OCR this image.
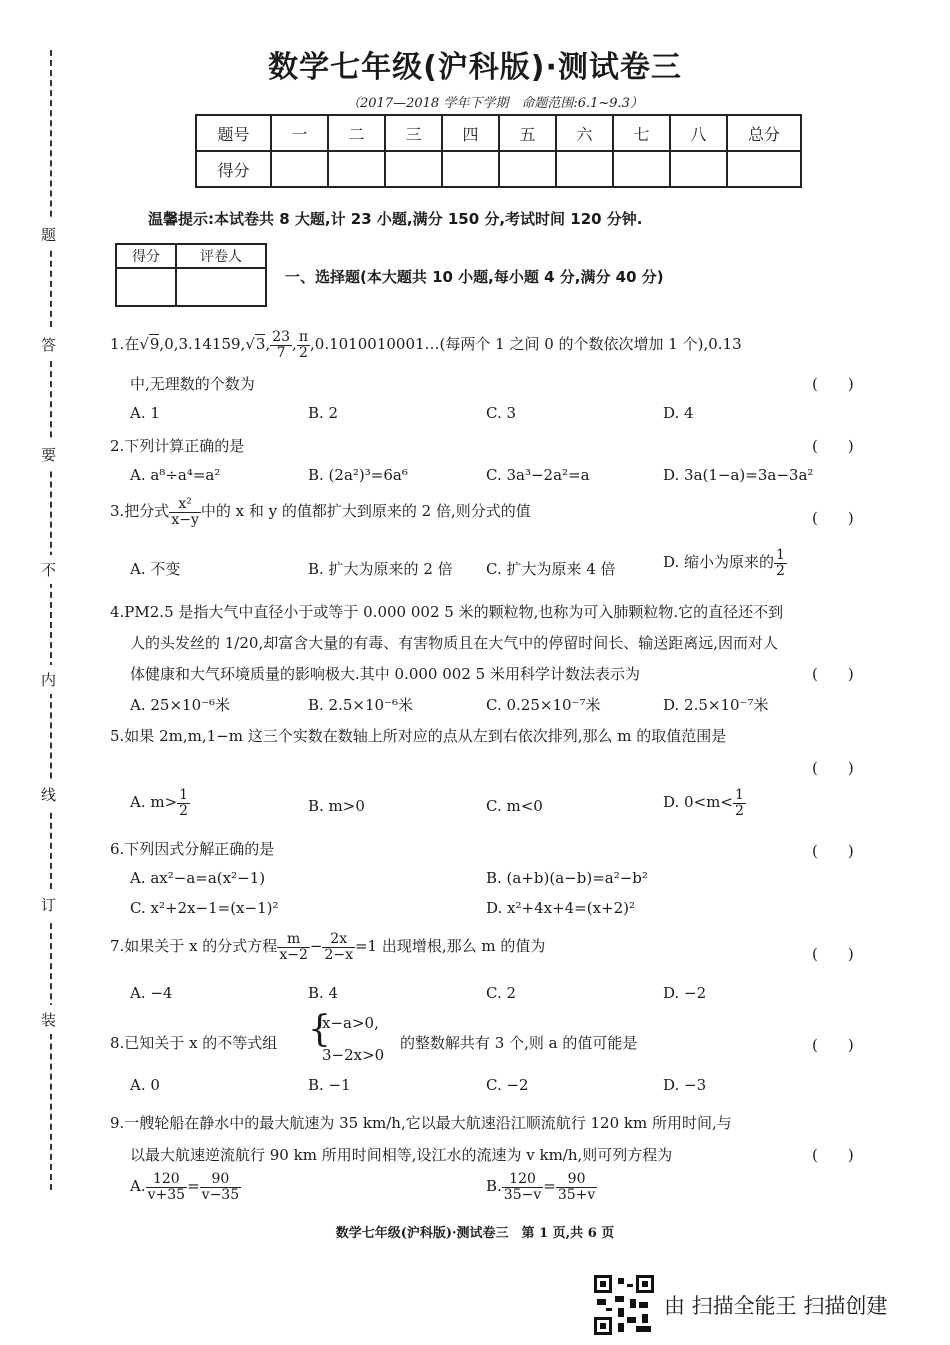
题
答
要
不
内
线
订
装
数学七年级(沪科版)·测试卷三
（2017—2018 学年下学期　命题范围:6.1~9.3）
题号	一	二	三	四	五	六	七	八	总分
得分									
温馨提示:本试卷共 8 大题,计 23 小题,满分 150 分,考试时间 120 分钟.
得分	评卷人

一、选择题(本大题共 10 小题,每小题 4 分,满分 40 分)
1.在√9,0,3.14159,√3, $\frac{23}{7}$ , $\frac{\pi}{2}$ ,0.1010010001…(每两个 1 之间 0 的个数依次增加 1 个),0.13
中,无理数的个数为	(　　)
A. 1	B. 2	C. 3	D. 4
2.下列计算正确的是	(　　)
A. a⁸÷a⁴=a²	B. (2a²)³=6a⁶	C. 3a³−2a²=a	D. 3a(1−a)=3a−3a²
3.把分式 $\frac{\text{x²}}{x-y}$ 中的 x 和 y 的值都扩大到原来的 2 倍,则分式的值	(　　)
A. 不变	B. 扩大为原来的 2 倍 C. 扩大为原来 4 倍	D. 缩小为原来的 $\frac{1}{2}$
4.PM2.5 是指大气中直径小于或等于 0.000 002 5 米的颗粒物,也称为可入肺颗粒物.它的直径还不到
人的头发丝的 1/20,却富含大量的有毒、有害物质且在大气中的停留时间长、输送距离远,因而对人
体健康和大气环境质量的影响极大.其中 0.000 002 5 米用科学计数法表示为	(　　)
A. 25×10⁻⁶米	B. 2.5×10⁻⁶米	C. 0.25×10⁻⁷米	D. 2.5×10⁻⁷米
5.如果 2m,m,1−m 这三个实数在数轴上所对应的点从左到右依次排列,那么 m 的取值范围是
(　　)
A. $m> \frac{1}{2}$	B. m>0	C. m<0	D. $0<m< \frac{1}{2}$
6.下列因式分解正确的是	(　　)
A. ax²−a=a(x²−1)	B. (a+b)(a−b)=a²−b²
C. x²+2x−1=(x−1)²	D. x²+4x+4=(x+2)²
7.如果关于 x 的分式方程 $\frac{m}{x-2} - \frac{2x}{2-x} =1$ 出现增根,那么 m 的值为	(　　)
A. −4	B. 4	C. 2	D. −2
8.已知关于 x 的不等式组 {
x−a>0,
3−2x>0
的整数解共有 3 个,则 a 的值可能是	(　　)
A. 0	B. −1	C. −2	D. −3
9.一艘轮船在静水中的最大航速为 35 km/h,它以最大航速沿江顺流航行 120 km 所用时间,与
以最大航速逆流航行 90 km 所用时间相等,设江水的流速为 v km/h,则可列方程为	(　　)
A. $\frac{120}{v+35} = \frac{90}{v-35}$	B. $\frac{120}{35-v} = \frac{90}{35+v}$
数学七年级(沪科版)·测试卷三　第 1 页,共 6 页
由 扫描全能王 扫描创建
